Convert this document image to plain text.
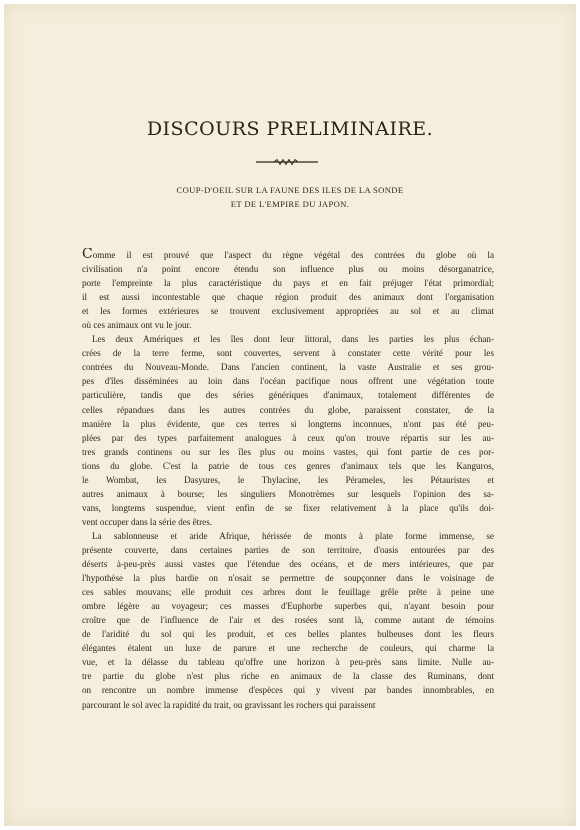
DISCOURS PRELIMINAIRE.
COUP-D'OEIL SUR LA FAUNE DES ILES DE LA SONDE
ET DE L'EMPIRE DU JAPON.

Comme il est prouvé que l'aspect du règne végétal des contrées du globe où la
civilisation n'a point encore étendu son influence plus ou moins désorganatrice,
porte l'empreinte la plus caractéristique du pays et en fait préjuger l'état primordial;
il est aussi incontestable que chaque région produit des animaux dont l'organisation
et les formes extérieures se trouvent exclusivement appropriées au sol et au climat
où ces animaux ont vu le jour.

Les deux Amériques et les îles dont leur littoral, dans les parties les plus échan-
crées de la terre ferme, sont couvertes, servent à constater cette vérité pour les
contrées du Nouveau-Monde. Dans l'ancien continent, la vaste Australie et ses grou-
pes d'îles disséminées au loin dans l'océan pacifique nous offrent une végétation toute
particulière, tandis que des séries génériques d'animaux, totalement différentes de
celles répandues dans les autres contrées du globe, paraissent constater, de la
manière la plus évidente, que ces terres si longtems inconnues, n'ont pas été peu-
plées par des types parfaitement analogues à ceux qu'on trouve répartis sur les au-
tres grands continens ou sur les îles plus ou moins vastes, qui font partie de ces por-
tions du globe. C'est la patrie de tous ces genres d'animaux tels que les Kanguros,
le Wombat, les Dasyures, le Thylacine, les Pérameles, les Pétauristes et
autres animaux à bourse; les singuliers Monotrèmes sur lesquels l'opinion des sa-
vans, longtems suspendue, vient enfin de se fixer relativement à la place qu'ils doi-
vent occuper dans la série des êtres.

La sablonneuse et aride Afrique, hérissée de monts à plate forme immense, se
présente couverte, dans certaines parties de son territoire, d'oasis entourées par des
déserts à-peu-près aussi vastes que l'étendue des océans, et de mers intérieures, que par
l'hypothèse la plus hardie on n'osait se permettre de soupçonner dans le voisinage de
ces sables mouvans; elle produit ces arbres dont le feuillage grêle prête à peine une
ombre légère au voyageur; ces masses d'Euphorbe superbes qui, n'ayant besoin pour
croître que de l'influence de l'air et des rosées sont là, comme autant de témoins
de l'aridité du sol qui les produit, et ces belles plantes bulbeuses dont les fleurs
élégantes étalent un luxe de parure et une recherche de couleurs, qui charme la
vue, et la délasse du tableau qu'offre une horizon à peu-près sans limite. Nulle au-
tre partie du globe n'est plus riche en animaux de la classe des Ruminans, dont
on rencontre un nombre immense d'espèces qui y vivent par bandes innombrables, en
parcourant le sol avec la rapidité du trait, ou gravissant les rochers qui paraissent
